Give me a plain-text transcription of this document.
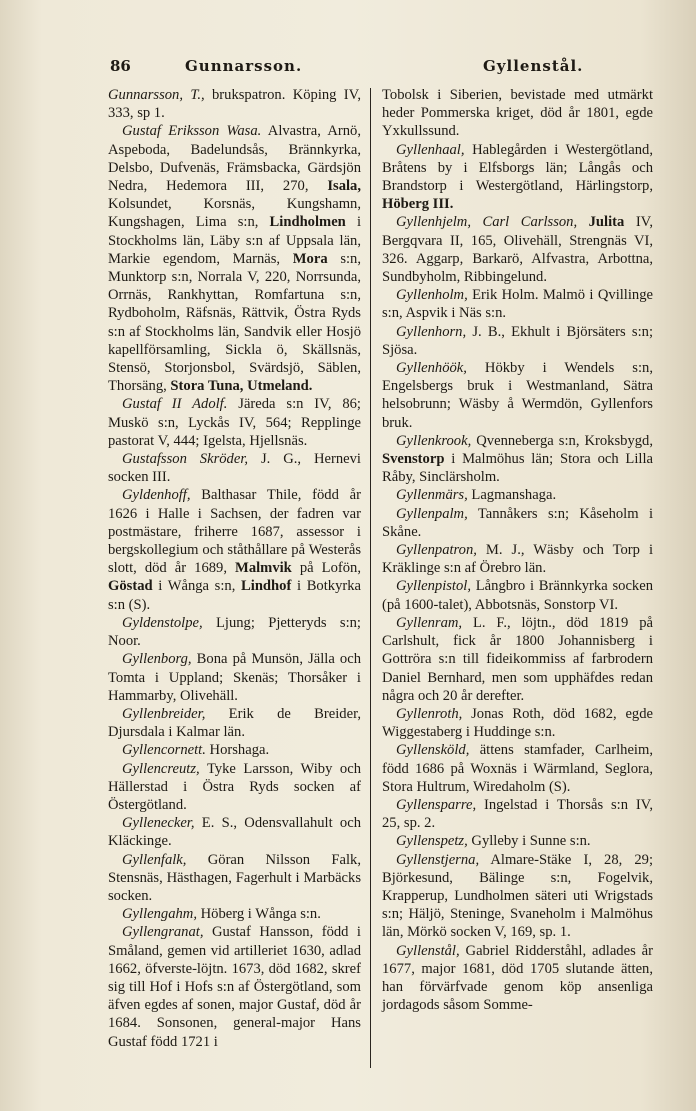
86	Gunnarsson.	Gyllenstål.

Gunnarsson, T., brukspatron. Köping IV, 333, sp 1.

Gustaf Eriksson Wasa. Alvastra, Arnö, Aspeboda, Badelundsås, Brännkyrka, Delsbo, Dufvenäs, Främsbacka, Gärdsjön Nedra, Hedemora III, 270, Isala, Kolsundet, Korsnäs, Kungshamn, Kungshagen, Lima s:n, Lindholmen i Stockholms län, Läby s:n af Uppsala län, Markie egendom, Marnäs, Mora s:n, Munktorp s:n, Norrala V, 220, Norrsunda, Orrnäs, Rankhyttan, Romfartuna s:n, Rydboholm, Räfsnäs, Rättvik, Östra Ryds s:n af Stockholms län, Sandvik eller Hosjö kapellförsamling, Sickla ö, Skällsnäs, Stensö, Storjonsbol, Svärdsjö, Säblen, Thorsäng, Stora Tuna, Utmeland.

Gustaf II Adolf. Järeda s:n IV, 86; Muskö s:n, Lyckås IV, 564; Repplinge pastorat V, 444; Igelsta, Hjellsnäs.

Gustafsson Skröder, J. G., Hernevi socken III.

Gyldenhoff, Balthasar Thile, född år 1626 i Halle i Sachsen, der fadren var postmästare, friherre 1687, assessor i bergskollegium och ståthållare på Westerås slott, död år 1689, Malmvik på Lofön, Göstad i Wånga s:n, Lindhof i Botkyrka s:n (S).

Gyldenstolpe, Ljung; Pjetteryds s:n; Noor.

Gyllenborg, Bona på Munsön, Jälla och Tomta i Uppland; Skenäs; Thorsåker i Hammarby, Olivehäll.

Gyllenbreider, Erik de Breider, Djursdala i Kalmar län.

Gyllencornett. Horshaga.

Gyllencreutz, Tyke Larsson, Wiby och Hällerstad i Östra Ryds socken af Östergötland.

Gyllenecker, E. S., Odensvallahult och Kläckinge.

Gyllenfalk, Göran Nilsson Falk, Stensnäs, Hästhagen, Fagerhult i Marbäcks socken.

Gyllengahm, Höberg i Wånga s:n.

Gyllengranat, Gustaf Hansson, född i Småland, gemen vid artilleriet 1630, adlad 1662, öfverste-löjtn. 1673, död 1682, skref sig till Hof i Hofs s:n af Östergötland, som äfven egdes af sonen, major Gustaf, död år 1684. Sonsonen, general-major Hans Gustaf född 1721 i

Tobolsk i Siberien, bevistade med utmärkt heder Pommerska kriget, död år 1801, egde Yxkullssund.

Gyllenhaal, Hablegården i Westergötland, Bråtens by i Elfsborgs län; Långås och Brandstorp i Westergötland, Härlingstorp, Höberg III.

Gyllenhjelm, Carl Carlsson, Julita IV, Bergqvara II, 165, Olivehäll, Strengnäs VI, 326. Aggarp, Barkarö, Alfvastra, Arbottna, Sundbyholm, Ribbingelund.

Gyllenholm, Erik Holm. Malmö i Qvillinge s:n, Aspvik i Näs s:n.

Gyllenhorn, J. B., Ekhult i Björsäters s:n; Sjösa.

Gyllenhöök, Hökby i Wendels s:n, Engelsbergs bruk i Westmanland, Sätra helsobrunn; Wäsby å Wermdön, Gyllenfors bruk.

Gyllenkrook, Qvenneberga s:n, Kroksbygd, Svenstorp i Malmöhus län; Stora och Lilla Råby, Sinclärsholm.

Gyllenmärs, Lagmanshaga.

Gyllenpalm, Tannåkers s:n; Kåseholm i Skåne.

Gyllenpatron, M. J., Wäsby och Torp i Kräklinge s:n af Örebro län.

Gyllenpistol, Långbro i Brännkyrka socken (på 1600-talet), Abbotsnäs, Sonstorp VI.

Gyllenram, L. F., löjtn., död 1819 på Carlshult, fick år 1800 Johannisberg i Gottröra s:n till fideikommiss af farbrodern Daniel Bernhard, men som upphäfdes redan några och 20 år derefter.

Gyllenroth, Jonas Roth, död 1682, egde Wiggestaberg i Huddinge s:n.

Gyllensköld, ättens stamfader, Carlheim, född 1686 på Woxnäs i Wärmland, Seglora, Stora Hultrum, Wiredaholm (S).

Gyllensparre, Ingelstad i Thorsås s:n IV, 25, sp. 2.

Gyllenspetz, Gylleby i Sunne s:n.

Gyllenstjerna, Almare-Stäke I, 28, 29; Björkesund, Bälinge s:n, Fogelvik, Krapperup, Lundholmen säteri uti Wrigstads s:n; Häljö, Steninge, Svaneholm i Malmöhus län, Mörkö socken V, 169, sp. 1.

Gyllenstål, Gabriel Ridderståhl, adlades år 1677, major 1681, död 1705 slutande ätten, han förvärfvade genom köp ansenliga jordagods såsom Somme-
